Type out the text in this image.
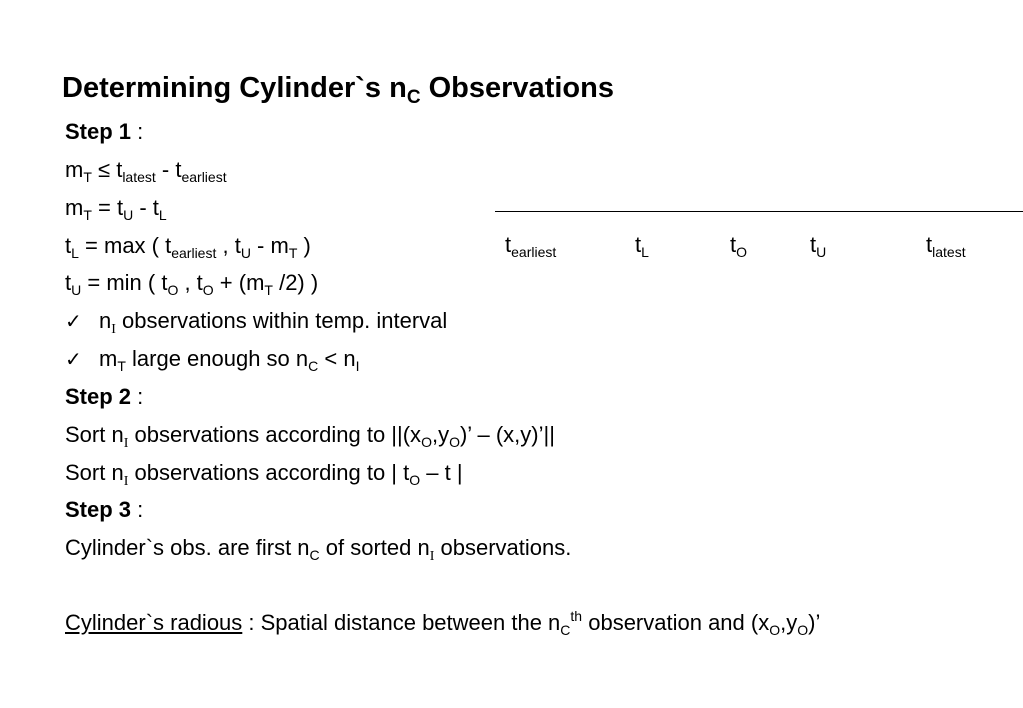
Determining Cylinder`s $n_C$ Observations
Step 1 :
$m_T \le t_{latest} - t_{earliest}$
$m_T = t_U - t_L$
$t_L = \max$ ( $t_{earliest}$ , $t_U - m_T$ )
$t_U = \min$ ( $t_O$ , $t_O + (m_T$ /2) )
✓ $n_I$ observations within temp. interval
✓ $m_T$ large enough so $n_C < n_I$
Step 2 :
Sort $n_I$ observations according to $||(x_O,y_O)$’ – (x,y)’||
Sort $n_I$ observations according to | $t_O$ – t |
Step 3 :
Cylinder`s obs. are first $n_C$ of sorted $n_I$ observations.
Cylinder`s radious : Spatial distance between the $n_C^{th}$ observation and $(x_O,y_O)$’
$t_{earliest}$	$t_L$	$t_O$	$t_U$	$t_{latest}$
